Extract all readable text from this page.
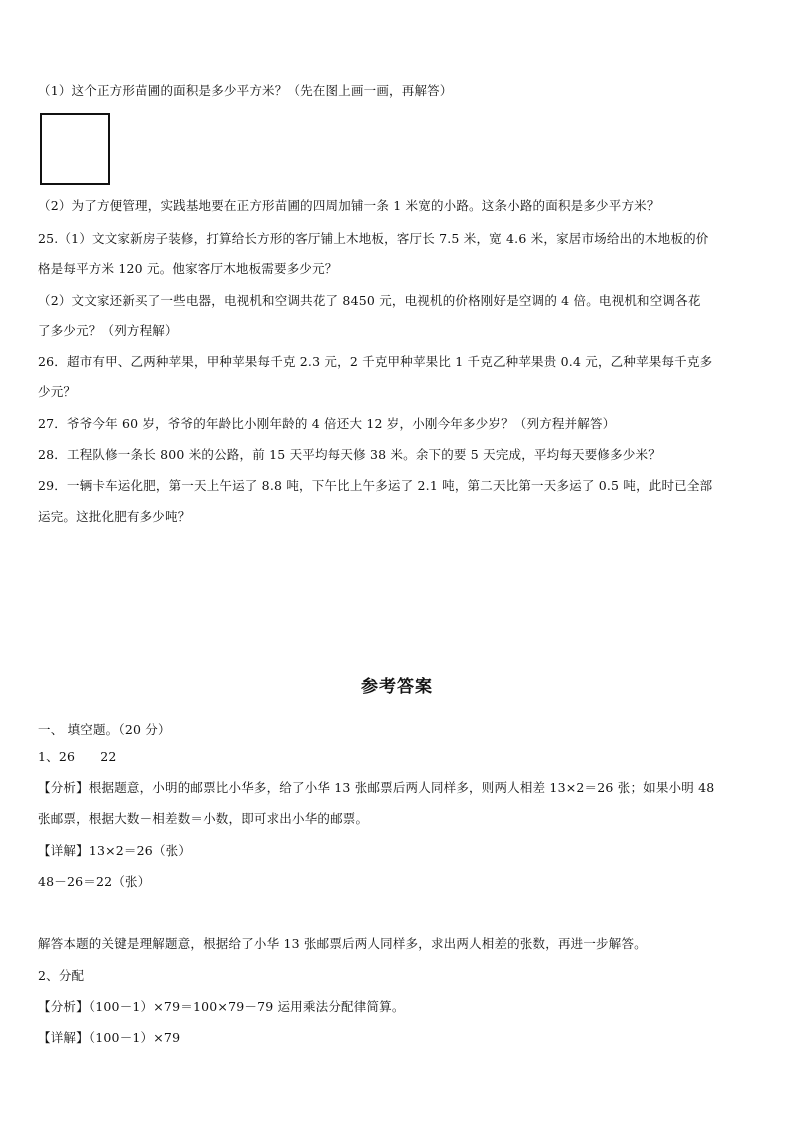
（1）这个正方形苗圃的面积是多少平方米？（先在图上画一画，再解答）
（2）为了方便管理，实践基地要在正方形苗圃的四周加铺一条 1 米宽的小路。这条小路的面积是多少平方米？
25.（1）文文家新房子装修，打算给长方形的客厅铺上木地板，客厅长 7.5 米，宽 4.6 米，家居市场给出的木地板的价
格是每平方米 120 元。他家客厅木地板需要多少元？
（2）文文家还新买了一些电器，电视机和空调共花了 8450 元，电视机的价格刚好是空调的 4 倍。电视机和空调各花
了多少元？（列方程解）
26．超市有甲、乙两种苹果，甲种苹果每千克 2.3 元，2 千克甲种苹果比 1 千克乙种苹果贵 0.4 元，乙种苹果每千克多
少元？
27．爷爷今年 60 岁，爷爷的年龄比小刚年龄的 4 倍还大 12 岁，小刚今年多少岁？（列方程并解答）
28．工程队修一条长 800 米的公路，前 15 天平均每天修 38 米。余下的要 5 天完成，平均每天要修多少米？
29．一辆卡车运化肥，第一天上午运了 8.8 吨，下午比上午多运了 2.1 吨，第二天比第一天多运了 0.5 吨，此时已全部
运完。这批化肥有多少吨？
参考答案
一、 填空题。（20 分）
1、26      22
【分析】根据题意，小明的邮票比小华多，给了小华 13 张邮票后两人同样多，则两人相差 13×2＝26 张；如果小明 48
张邮票，根据大数－相差数＝小数，即可求出小华的邮票。
【详解】13×2＝26（张）
48－26＝22（张）
解答本题的关键是理解题意，根据给了小华 13 张邮票后两人同样多，求出两人相差的张数，再进一步解答。
2、分配
【分析】（100－1）×79＝100×79－79 运用乘法分配律简算。
【详解】（100－1）×79
